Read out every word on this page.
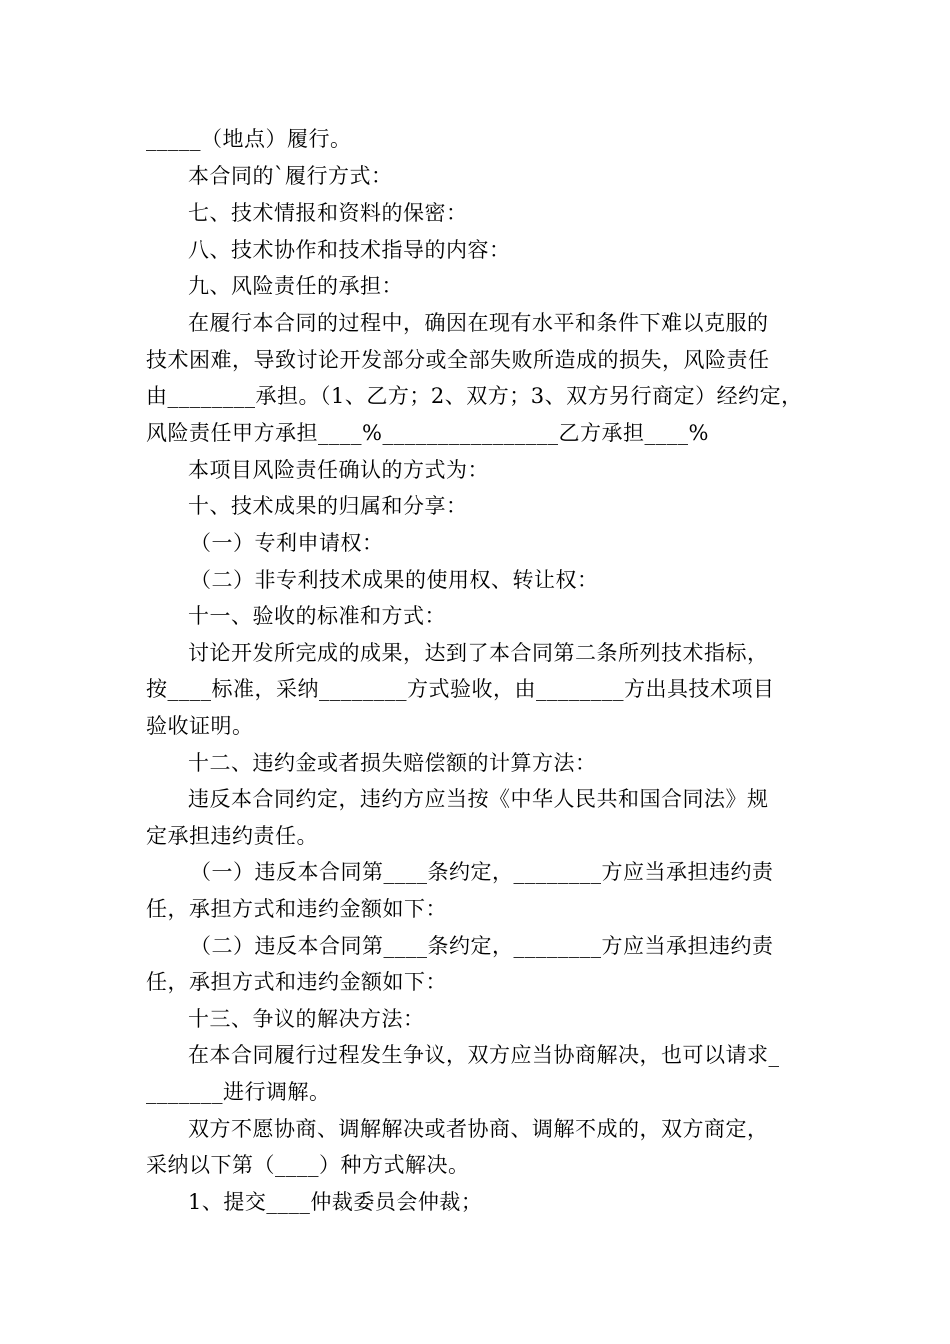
_____（地点）履行。
本合同的`履行方式：
七、技术情报和资料的保密：
八、技术协作和技术指导的内容：
九、风险责任的承担：
在履行本合同的过程中，确因在现有水平和条件下难以克服的
技术困难，导致讨论开发部分或全部失败所造成的损失，风险责任
由________承担。（1、乙方；2、双方；3、双方另行商定）经约定，
风险责任甲方承担____%________________乙方承担____%
本项目风险责任确认的方式为：
十、技术成果的归属和分享：
（一）专利申请权：
（二）非专利技术成果的使用权、转让权：
十一、验收的标准和方式：
讨论开发所完成的成果，达到了本合同第二条所列技术指标，
按____标准，采纳________方式验收，由________方出具技术项目
验收证明。
十二、违约金或者损失赔偿额的计算方法：
违反本合同约定，违约方应当按《中华人民共和国合同法》规
定承担违约责任。
（一）违反本合同第____条约定，________方应当承担违约责
任，承担方式和违约金额如下：
（二）违反本合同第____条约定，________方应当承担违约责
任，承担方式和违约金额如下：
十三、争议的解决方法：
在本合同履行过程发生争议，双方应当协商解决，也可以请求_
_______进行调解。
双方不愿协商、调解解决或者协商、调解不成的，双方商定，
采纳以下第（____）种方式解决。
1、提交____仲裁委员会仲裁；
